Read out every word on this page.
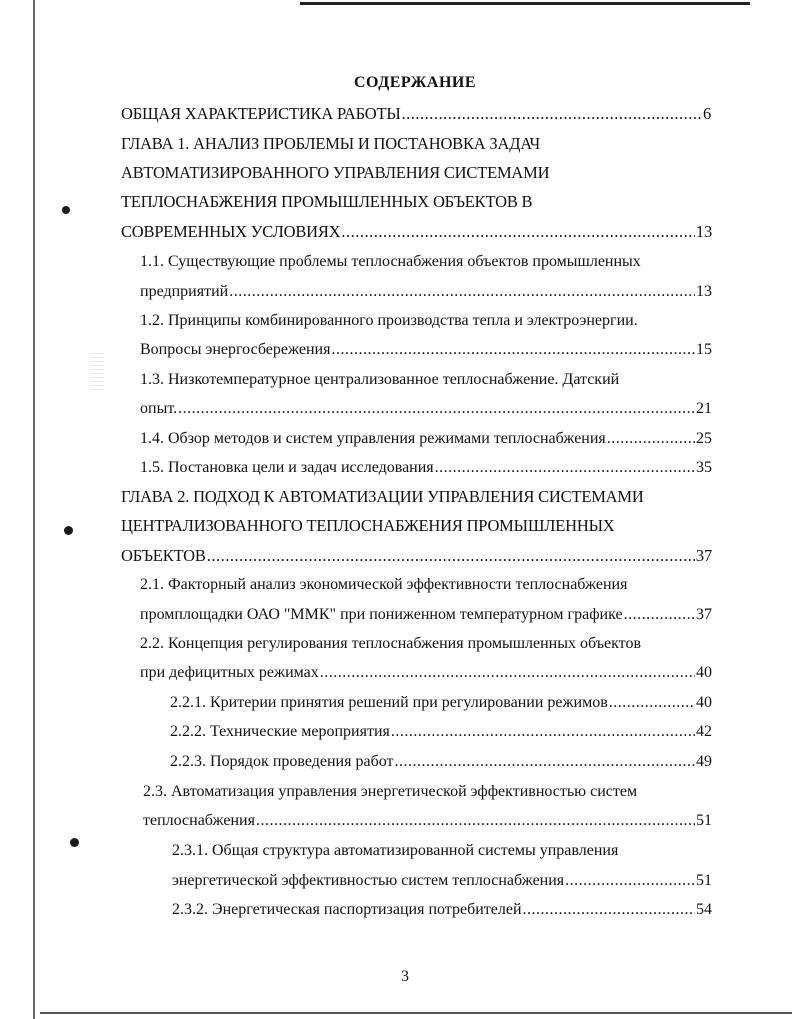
СОДЕРЖАНИЕ
ОБЩАЯ ХАРАКТЕРИСТИКА РАБОТЫ .....	6
ГЛАВА 1. АНАЛИЗ ПРОБЛЕМЫ И ПОСТАНОВКА ЗАДАЧ
АВТОМАТИЗИРОВАННОГО УПРАВЛЕНИЯ СИСТЕМАМИ
ТЕПЛОСНАБЖЕНИЯ ПРОМЫШЛЕННЫХ ОБЪЕКТОВ В
СОВРЕМЕННЫХ УСЛОВИЯХ .....	13
1.1. Существующие проблемы теплоснабжения объектов промышленных
предприятий .....	13
1.2. Принципы комбинированного производства тепла и электроэнергии.
Вопросы энергосбережения .....	15
1.3. Низкотемпературное централизованное теплоснабжение. Датский
опыт. .....	21
1.4. Обзор методов и систем управления режимами теплоснабжения .....	25
1.5. Постановка цели и задач исследования .....	35
ГЛАВА 2. ПОДХОД К АВТОМАТИЗАЦИИ УПРАВЛЕНИЯ СИСТЕМАМИ
ЦЕНТРАЛИЗОВАННОГО ТЕПЛОСНАБЖЕНИЯ ПРОМЫШЛЕННЫХ
ОБЪЕКТОВ .....	37
2.1. Факторный анализ экономической эффективности теплоснабжения
промплощадки ОАО "ММК" при пониженном температурном графике .....	37
2.2. Концепция регулирования теплоснабжения промышленных объектов
при дефицитных режимах .....	40
2.2.1. Критерии принятия решений при регулировании режимов .....	40
2.2.2. Технические мероприятия .....	42
2.2.3. Порядок проведения работ .....	49
2.3. Автоматизация управления энергетической эффективностью систем
теплоснабжения .....	51
2.3.1. Общая структура автоматизированной системы управления
энергетической эффективностью систем теплоснабжения .....	51
2.3.2. Энергетическая паспортизация потребителей .....	54
3
